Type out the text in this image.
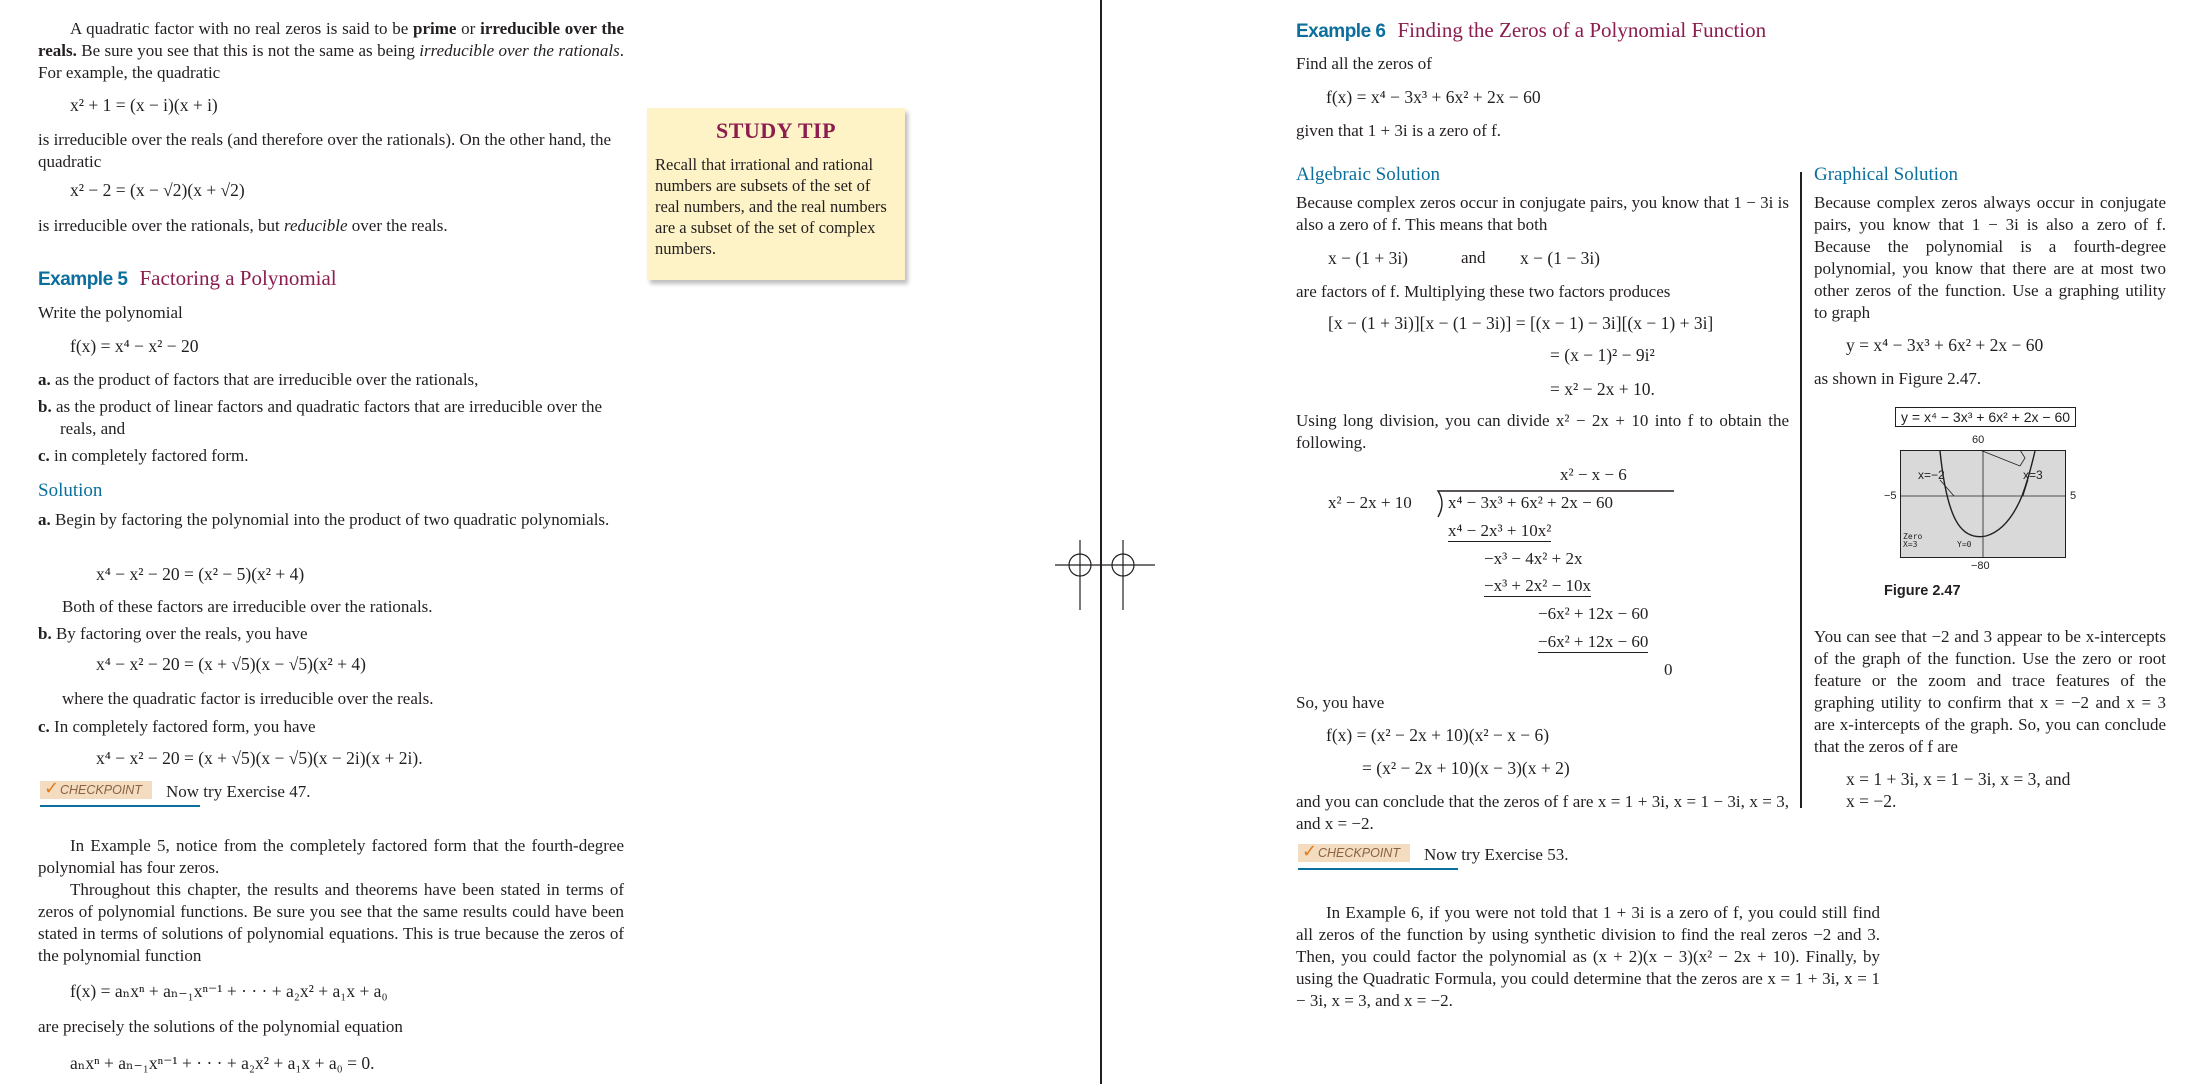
A quadratic factor with no real zeros is said to be prime or irreducible over the reals. Be sure you see that this is not the same as being irreducible over the rationals. For example, the quadratic
x² + 1 = (x − i)(x + i)
is irreducible over the reals (and therefore over the rationals). On the other hand, the quadratic
x² − 2 = (x − √2)(x + √2)
is irreducible over the rationals, but reducible over the reals.
Example 5 Factoring a Polynomial
Write the polynomial
f(x) = x⁴ − x² − 20
a. as the product of factors that are irreducible over the rationals,
b. as the product of linear factors and quadratic factors that are irreducible over the reals, and
c. in completely factored form.
Solution
a. Begin by factoring the polynomial into the product of two quadratic polynomials.
x⁴ − x² − 20 = (x² − 5)(x² + 4)
Both of these factors are irreducible over the rationals.
b. By factoring over the reals, you have
x⁴ − x² − 20 = (x + √5)(x − √5)(x² + 4)
where the quadratic factor is irreducible over the reals.
c. In completely factored form, you have
x⁴ − x² − 20 = (x + √5)(x − √5)(x − 2i)(x + 2i).
✓ CHECKPOINT	Now try Exercise 47.
In Example 5, notice from the completely factored form that the fourth-degree polynomial has four zeros.
Throughout this chapter, the results and theorems have been stated in terms of zeros of polynomial functions. Be sure you see that the same results could have been stated in terms of solutions of polynomial equations. This is true because the zeros of the polynomial function
f(x) = aₙxⁿ + aₙ₋₁xⁿ⁻¹ + · · · + a₂x² + a₁x + a₀
are precisely the solutions of the polynomial equation
aₙxⁿ + aₙ₋₁xⁿ⁻¹ + · · · + a₂x² + a₁x + a₀ = 0.
STUDY TIP
Recall that irrational and rational numbers are subsets of the set of real numbers, and the real numbers are a subset of the set of complex numbers.
Example 6 Finding the Zeros of a Polynomial Function
Find all the zeros of
f(x) = x⁴ − 3x³ + 6x² + 2x − 60
given that 1 + 3i is a zero of f.
Algebraic Solution
Because complex zeros occur in conjugate pairs, you know that 1 − 3i is also a zero of f. This means that both
x − (1 + 3i)	and x − (1 − 3i)
are factors of f. Multiplying these two factors produces
[x − (1 + 3i)][x − (1 − 3i)] = [(x − 1) − 3i][(x − 1) + 3i]
= (x − 1)² − 9i²
= x² − 2x + 10.
Using long division, you can divide x² − 2x + 10 into f to obtain the following.
x² − x − 6
x² − 2x + 10 x⁴ − 3x³ + 6x² + 2x − 60
x⁴ − 2x³ + 10x²
−x³ − 4x² + 2x
−x³ + 2x² − 10x
−6x² + 12x − 60
−6x² + 12x − 60
0
So, you have
f(x) = (x² − 2x + 10)(x² − x − 6)
= (x² − 2x + 10)(x − 3)(x + 2)
and you can conclude that the zeros of f are x = 1 + 3i, x = 1 − 3i, x = 3, and x = −2.
✓ CHECKPOINT	Now try Exercise 53.
Graphical Solution
Because complex zeros always occur in conjugate pairs, you know that 1 − 3i is also a zero of f. Because the polynomial is a fourth-degree polynomial, you know that there are at most two other zeros of the function. Use a graphing utility to graph
y = x⁴ − 3x³ + 6x² + 2x − 60
as shown in Figure 2.47.
y = x⁴ − 3x³ + 6x² + 2x − 60
60
−5	5
−80
x=−2	x=3
Zero
X=3	Y=0
Figure 2.47
You can see that −2 and 3 appear to be x-intercepts of the graph of the function. Use the zero or root feature or the zoom and trace features of the graphing utility to confirm that x = −2 and x = 3 are x-intercepts of the graph. So, you can conclude that the zeros of f are
x = 1 + 3i, x = 1 − 3i, x = 3, and
x = −2.
In Example 6, if you were not told that 1 + 3i is a zero of f, you could still find all zeros of the function by using synthetic division to find the real zeros −2 and 3. Then, you could factor the polynomial as (x + 2)(x − 3)(x² − 2x + 10). Finally, by using the Quadratic Formula, you could determine that the zeros are x = 1 + 3i, x = 1 − 3i, x = 3, and x = −2.
